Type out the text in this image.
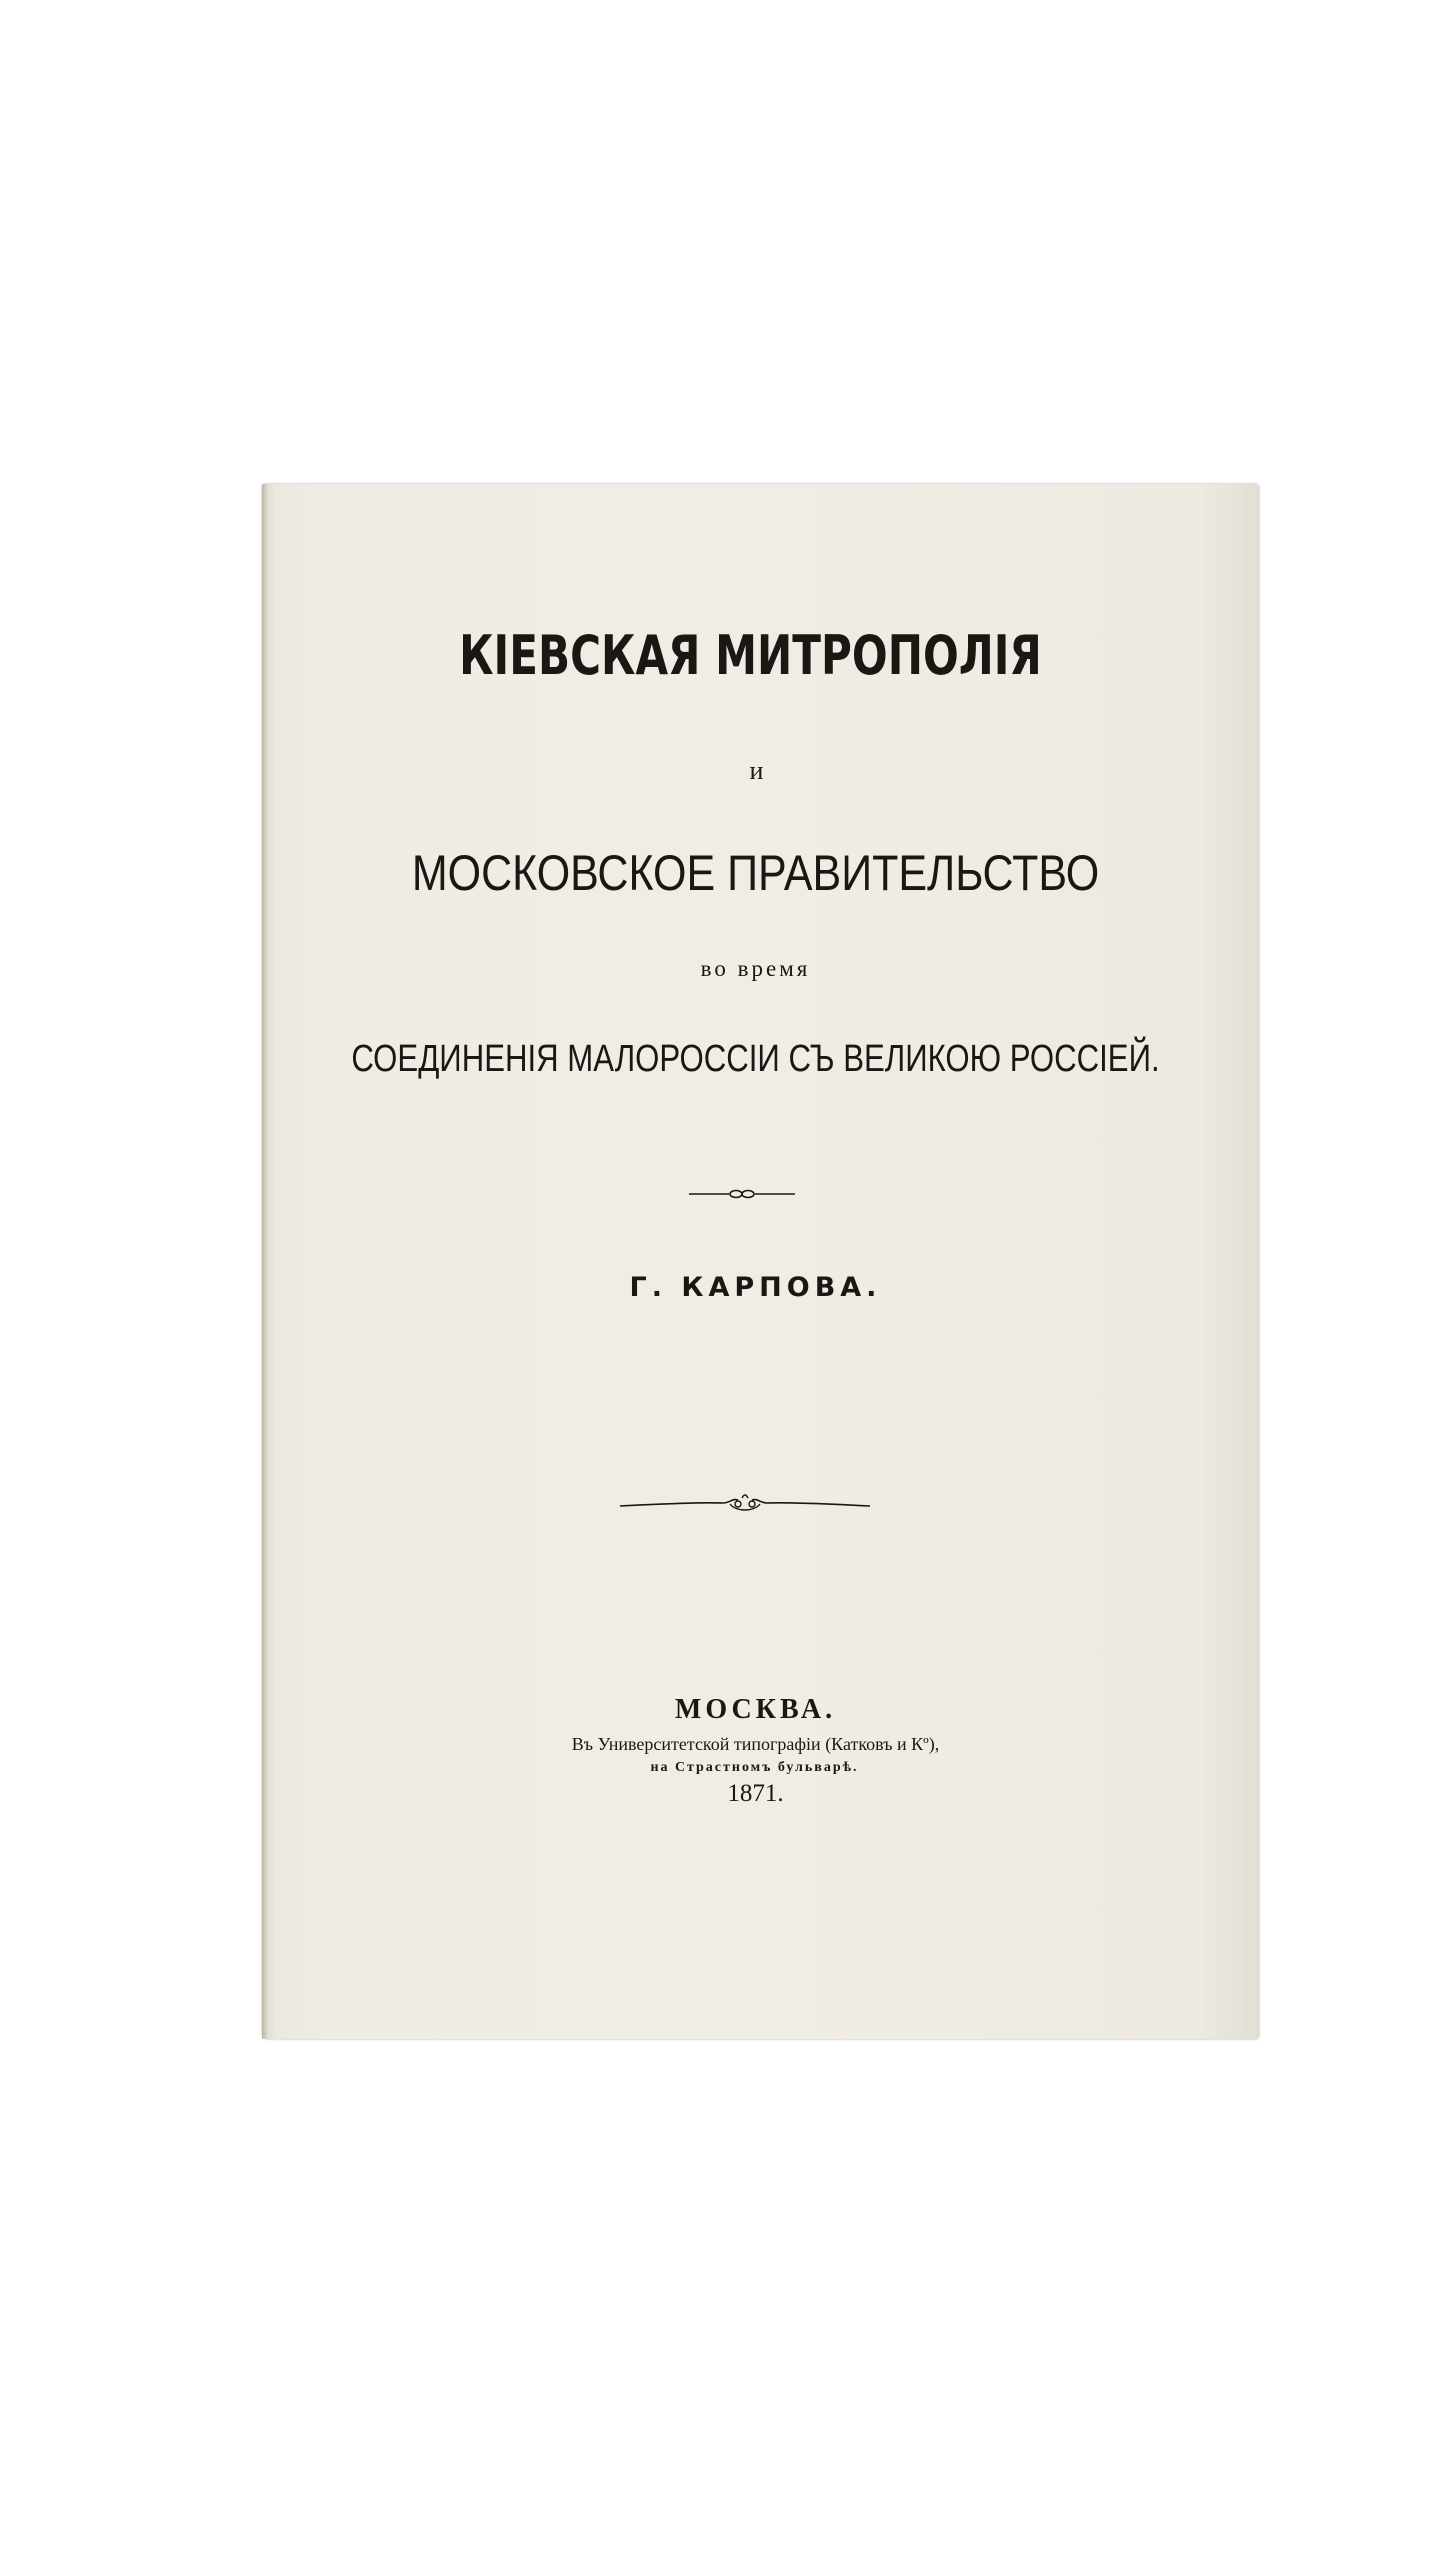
КІЕВСКАЯ МИТРОПОЛІЯ
и
МОСКОВСКОЕ ПРАВИТЕЛЬСТВО
во время
СОЕДИНЕНІЯ МАЛОРОССІИ СЪ ВЕЛИКОЮ РОССІЕЙ.
Г. КАРПОВА.
МОСКВА.
Въ Университетской типографіи (Катковъ и Кº),
на Страстномъ бульварѣ.
1871.
